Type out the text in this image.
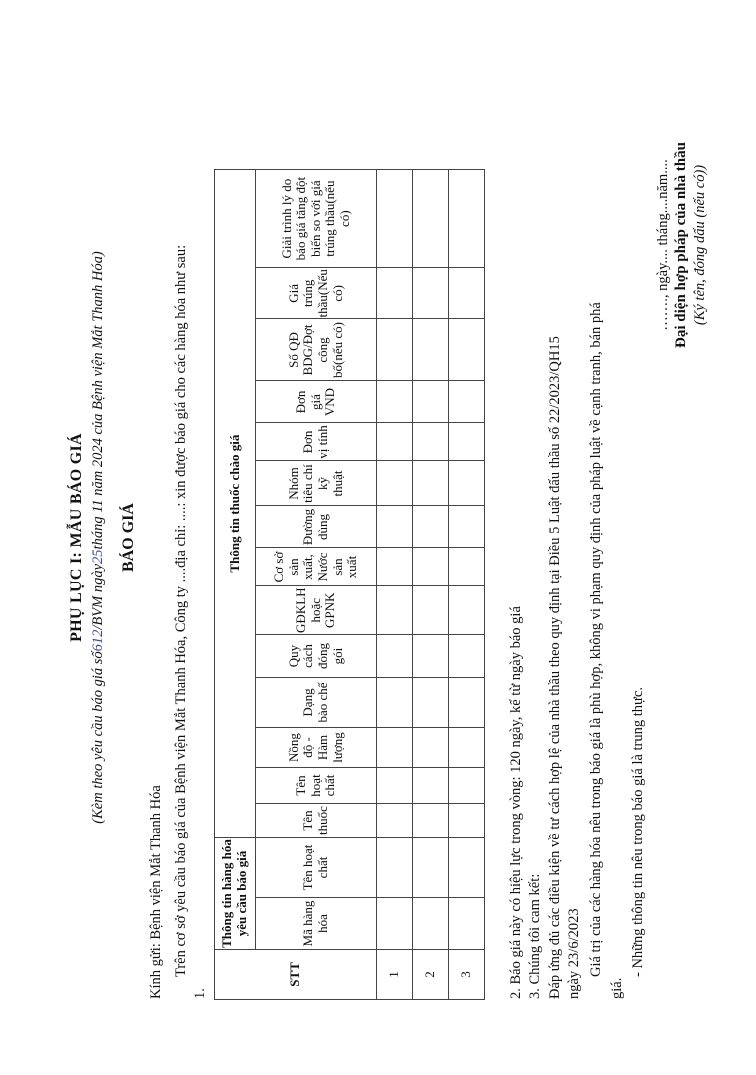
PHỤ LỤC I: MẪU BÁO GIÁ
(Kèm theo yêu cầu báo giá số612/BVM ngày25tháng 11 năm 2024 của Bệnh viện Mắt Thanh Hóa) BÁO GIÁ
Kính gửi: Bệnh viện Mắt Thanh Hóa Trên cơ sở yêu cầu báo giá của Bệnh viện Mắt Thanh Hóa, Công ty ....địa chỉ: ....: xin được báo giá cho các hàng hóa như sau:
1.
STT	Thông tin hàng hóa yêu cầu báo giá		Thông tin thuốc chào giá													
	Mã hàng hóa	Tên hoạt chất	Tên thuốc	Tên hoạt chất	Nồng độ - Hàm lượng	Dạng bào chế	Quy cách đóng gói	GĐKLH hoặc GPNK	Cơ sở sản xuất, Nước sản xuất	Đường dùng	Nhóm tiêu chí kỹ thuật	Đơn vị tính	Đơn giá VND	Số QĐ BDG/Đợt công bố(nếu có)	Giá trúng thầu(Nếu có)	Giải trình lý do báo giá tăng đột biến so với giá trúng thầu(nếu có)
1																
2																
3																2. Báo giá này có hiệu lực trong vòng: 120 ngày, kể từ ngày báo giá 3. Chúng tôi cam kết: Đáp ứng đủ các điều kiện về tư cách hợp lệ của nhà thầu theo quy định tại Điều 5 Luật đấu thầu số 22/2023/QH15 ngày 23/6/2023 Giá trị của các hàng hóa nêu trong báo giá là phù hợp, không vi phạm quy định của pháp luật về cạnh tranh, bán phá
giá.
- Những thông tin nêu trong báo giá là trung thực.
……., ngày.... tháng....năm.... Đại diện hợp pháp của nhà thầu (Ký tên, đóng dấu (nếu có))
